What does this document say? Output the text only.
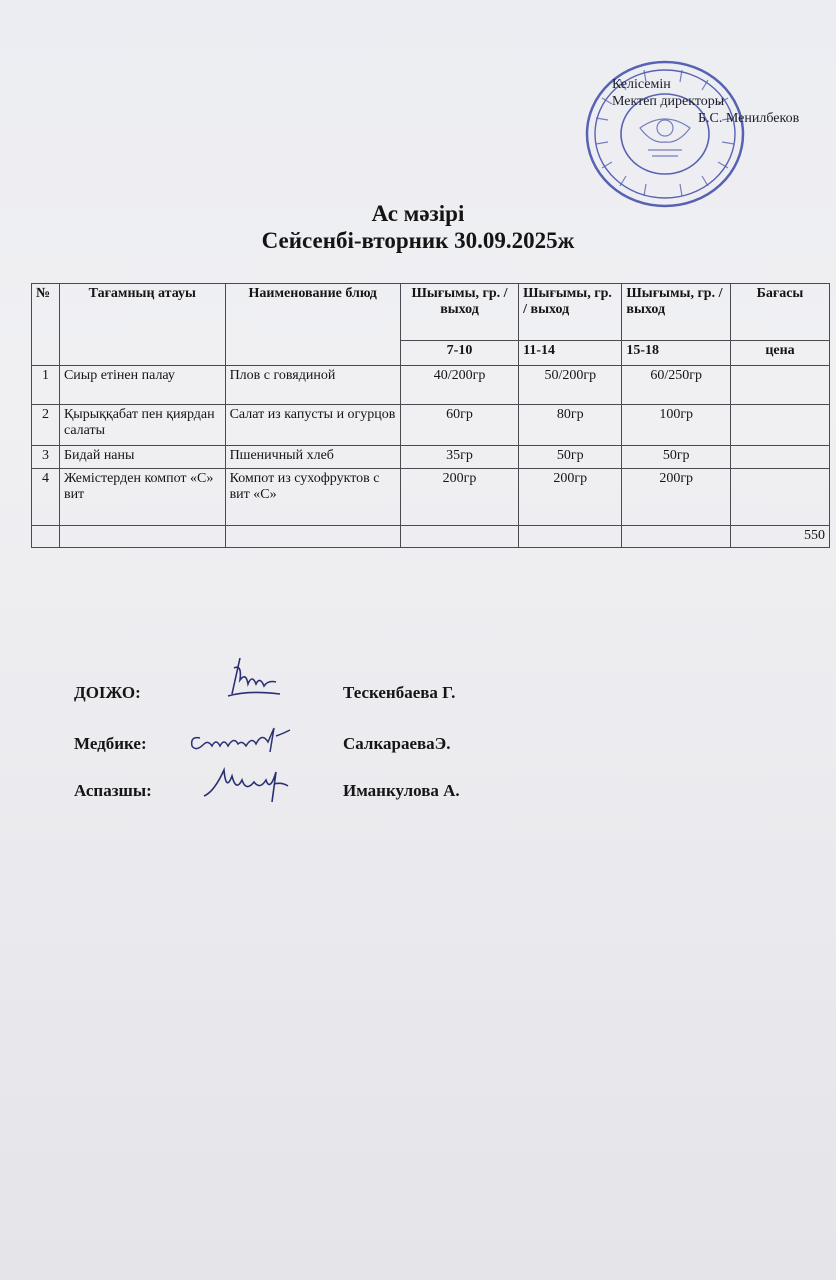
Келісемін
Мектеп директоры
Б.С. Менилбеков
Ас мәзірі
Сейсенбі-вторник 30.09.2025ж
№	Тағамның атауы	Наименование блюд	Шығымы, гр. / выход	Шығымы, гр. / выход	Шығымы, гр. / выход	Бағасы
						цена
			7-10	11-14	15-18	
1	Сиыр етінен палау	Плов с говядиной	40/200гр	50/200гр	60/250гр	
2	Қырыққабат пен қиярдан салаты	Салат из капусты и огурцов	60гр	80гр	100гр	
3	Бидай наны	Пшеничный хлеб	35гр	50гр	50гр	
4	Жемістерден компот «С» вит	Компот из сухофруктов с вит «С»	200гр	200гр	200гр	
						550
ДОІЖО:	Тескенбаева Г.
Медбике:	СалкараеваЭ.
Аспазшы:	Иманкулова А.
